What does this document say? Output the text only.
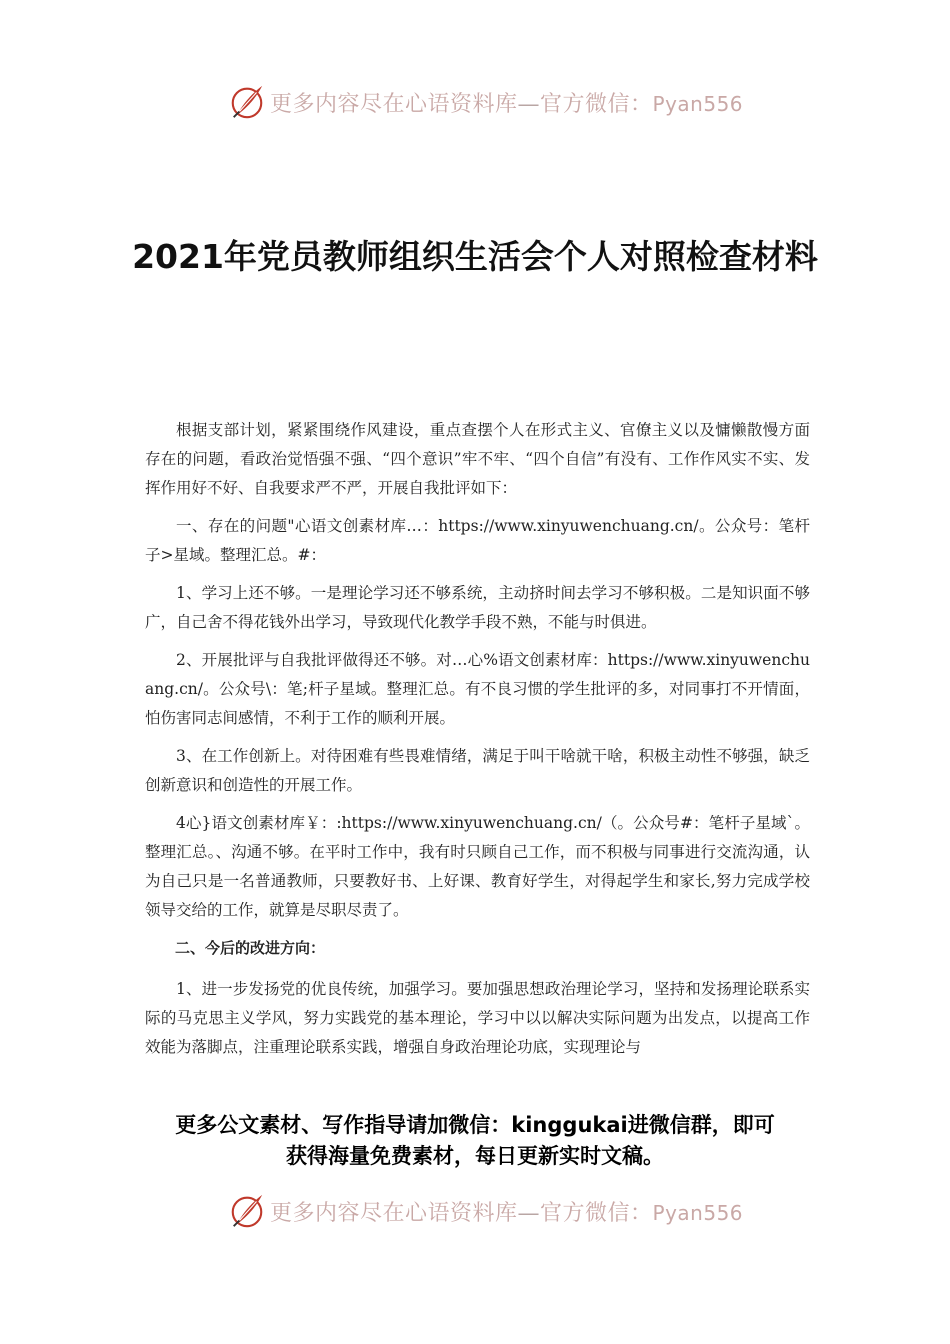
更多内容尽在心语资料库—官方微信：Pyan556
2021年党员教师组织生活会个人对照检查材料

根据支部计划，紧紧围绕作风建设，重点查摆个人在形式主义、官僚主义以及慵懒散慢方面存在的问题，看政治觉悟强不强、“四个意识”牢不牢、“四个自信”有没有、工作作风实不实、发挥作用好不好、自我要求严不严，开展自我批评如下：

一、存在的问题"心语文创素材库…：https://www.xinyuwenchuang.cn/。公众号：笔杆子>星域。整理汇总。#：

1、学习上还不够。一是理论学习还不够系统，主动挤时间去学习不够积极。二是知识面不够广，自己舍不得花钱外出学习，导致现代化教学手段不熟，不能与时俱进。

2、开展批评与自我批评做得还不够。对…心%语文创素材库：https://www.xinyuwenchuang.cn/。公众号\：笔;杆子星域。整理汇总。有不良习惯的学生批评的多，对同事打不开情面，怕伤害同志间感情，不利于工作的顺利开展。

3、在工作创新上。对待困难有些畏难情绪，满足于叫干啥就干啥，积极主动性不够强，缺乏创新意识和创造性的开展工作。

4心}语文创素材库￥：:https://www.xinyuwenchuang.cn/（。公众号#：笔杆子星域`。整理汇总。、沟通不够。在平时工作中，我有时只顾自己工作，而不积极与同事进行交流沟通，认为自己只是一名普通教师，只要教好书、上好课、教育好学生，对得起学生和家长,努力完成学校领导交给的工作，就算是尽职尽责了。

二、今后的改进方向：

1、进一步发扬党的优良传统，加强学习。要加强思想政治理论学习，坚持和发扬理论联系实际的马克思主义学风，努力实践党的基本理论，学习中以以解决实际问题为出发点，以提高工作效能为落脚点，注重理论联系实践，增强自身政治理论功底，实现理论与

更多公文素材、写作指导请加微信：kinggukai进微信群，即可
获得海量免费素材，每日更新实时文稿。
更多内容尽在心语资料库—官方微信：Pyan556
